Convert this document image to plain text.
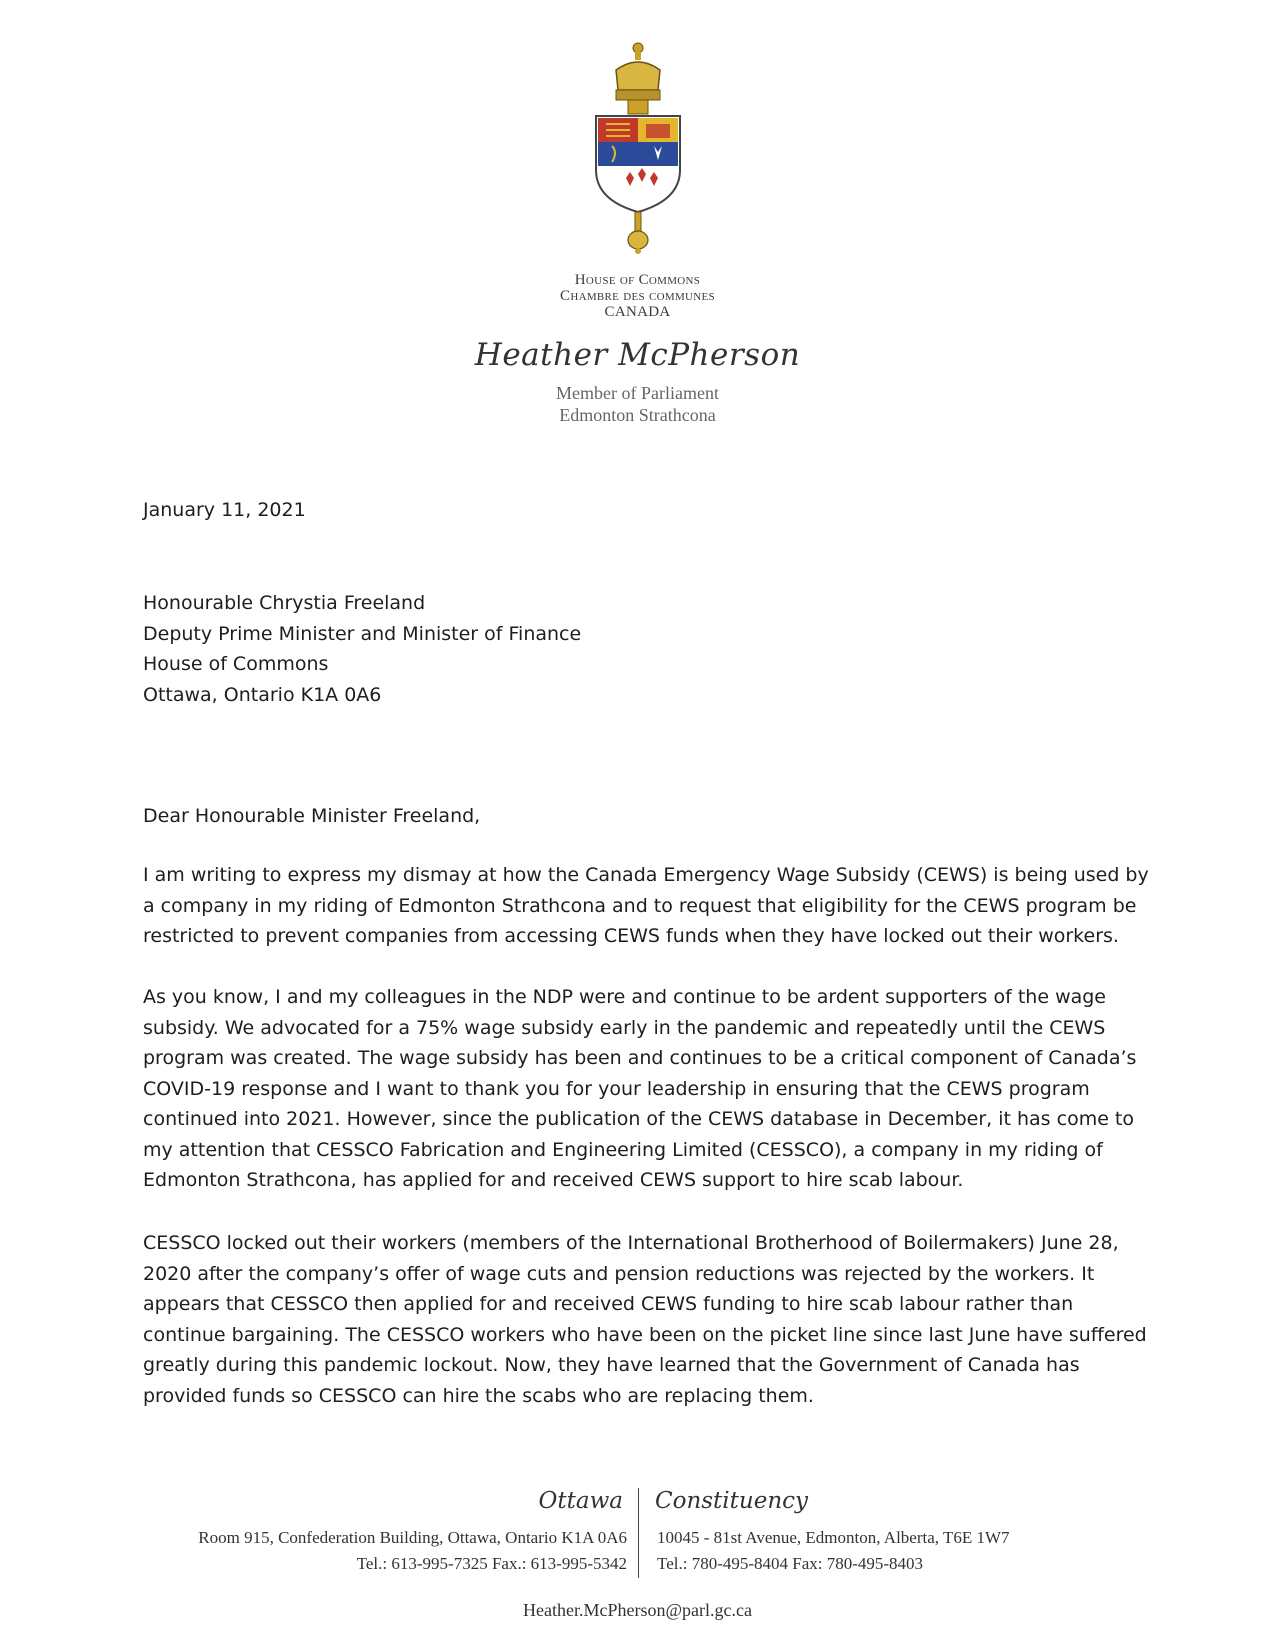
House of Commons
Chambre des communes
CANADA
Heather McPherson
Member of Parliament
Edmonton Strathcona
January 11, 2021
Honourable Chrystia Freeland
Deputy Prime Minister and Minister of Finance
House of Commons
Ottawa, Ontario K1A 0A6
Dear Honourable Minister Freeland,

I am writing to express my dismay at how the Canada Emergency Wage Subsidy (CEWS) is being used by a company in my riding of Edmonton Strathcona and to request that eligibility for the CEWS program be restricted to prevent companies from accessing CEWS funds when they have locked out their workers.

As you know, I and my colleagues in the NDP were and continue to be ardent supporters of the wage subsidy. We advocated for a 75% wage subsidy early in the pandemic and repeatedly until the CEWS program was created. The wage subsidy has been and continues to be a critical component of Canada’s COVID-19 response and I want to thank you for your leadership in ensuring that the CEWS program continued into 2021. However, since the publication of the CEWS database in December, it has come to my attention that CESSCO Fabrication and Engineering Limited (CESSCO), a company in my riding of Edmonton Strathcona, has applied for and received CEWS support to hire scab labour.

CESSCO locked out their workers (members of the International Brotherhood of Boilermakers) June 28, 2020 after the company’s offer of wage cuts and pension reductions was rejected by the workers. It appears that CESSCO then applied for and received CEWS funding to hire scab labour rather than continue bargaining. The CESSCO workers who have been on the picket line since last June have suffered greatly during this pandemic lockout. Now, they have learned that the Government of Canada has provided funds so CESSCO can hire the scabs who are replacing them.

Ottawa Constituency
Room 915, Confederation Building, Ottawa, Ontario K1A 0A6
Tel.: 613-995-7325 Fax.: 613-995-5342
10045 - 81st Avenue, Edmonton, Alberta, T6E 1W7
Tel.: 780-495-8404 Fax: 780-495-8403
Heather.McPherson@parl.gc.ca
